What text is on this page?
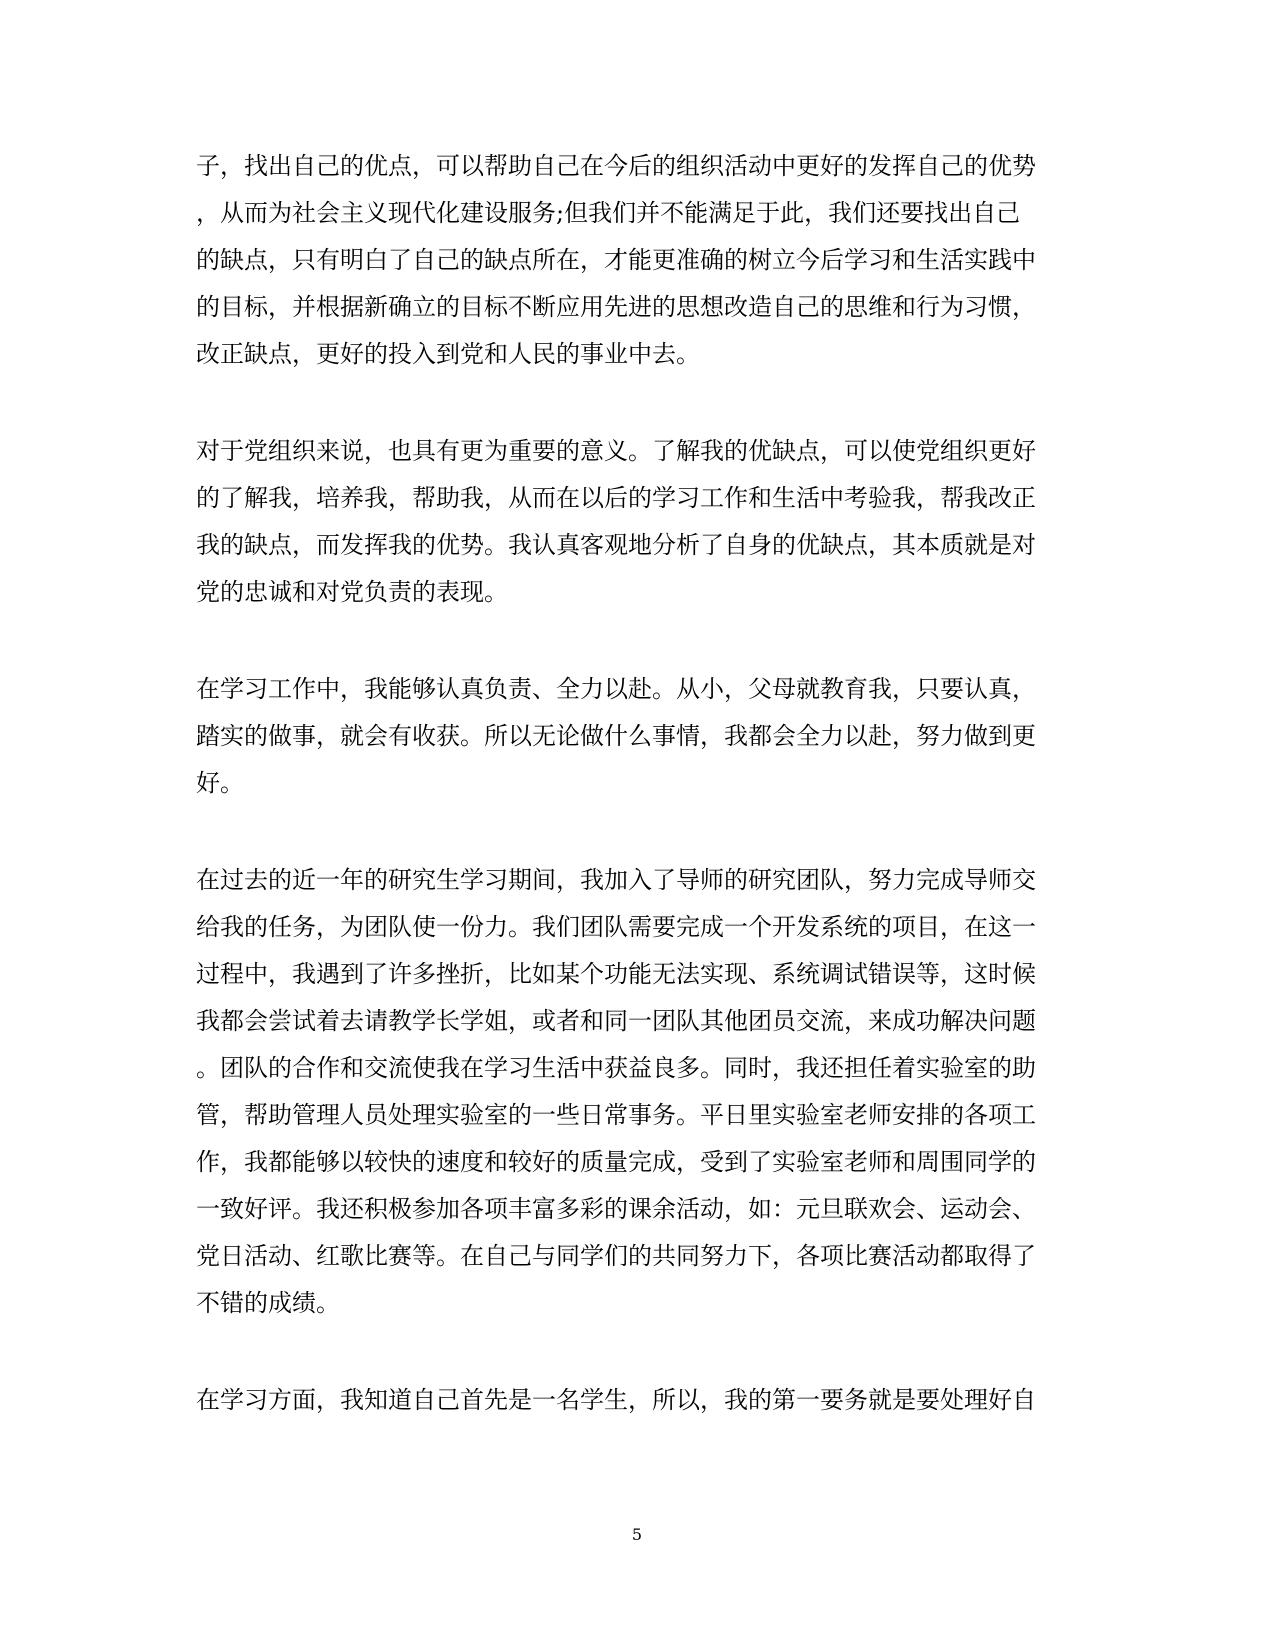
子，找出自己的优点，可以帮助自己在今后的组织活动中更好的发挥自己的优势
，从而为社会主义现代化建设服务;但我们并不能满足于此，我们还要找出自己
的缺点，只有明白了自己的缺点所在，才能更准确的树立今后学习和生活实践中
的目标，并根据新确立的目标不断应用先进的思想改造自己的思维和行为习惯，
改正缺点，更好的投入到党和人民的事业中去。
对于党组织来说，也具有更为重要的意义。了解我的优缺点，可以使党组织更好
的了解我，培养我，帮助我，从而在以后的学习工作和生活中考验我，帮我改正
我的缺点，而发挥我的优势。我认真客观地分析了自身的优缺点，其本质就是对
党的忠诚和对党负责的表现。
在学习工作中，我能够认真负责、全力以赴。从小，父母就教育我，只要认真，
踏实的做事，就会有收获。所以无论做什么事情，我都会全力以赴，努力做到更
好。
在过去的近一年的研究生学习期间，我加入了导师的研究团队，努力完成导师交
给我的任务，为团队使一份力。我们团队需要完成一个开发系统的项目，在这一
过程中，我遇到了许多挫折，比如某个功能无法实现、系统调试错误等，这时候
我都会尝试着去请教学长学姐，或者和同一团队其他团员交流，来成功解决问题
。团队的合作和交流使我在学习生活中获益良多。同时，我还担任着实验室的助
管，帮助管理人员处理实验室的一些日常事务。平日里实验室老师安排的各项工
作，我都能够以较快的速度和较好的质量完成，受到了实验室老师和周围同学的
一致好评。我还积极参加各项丰富多彩的课余活动，如：元旦联欢会、运动会、
党日活动、红歌比赛等。在自己与同学们的共同努力下，各项比赛活动都取得了
不错的成绩。
在学习方面，我知道自己首先是一名学生，所以，我的第一要务就是要处理好自
5
